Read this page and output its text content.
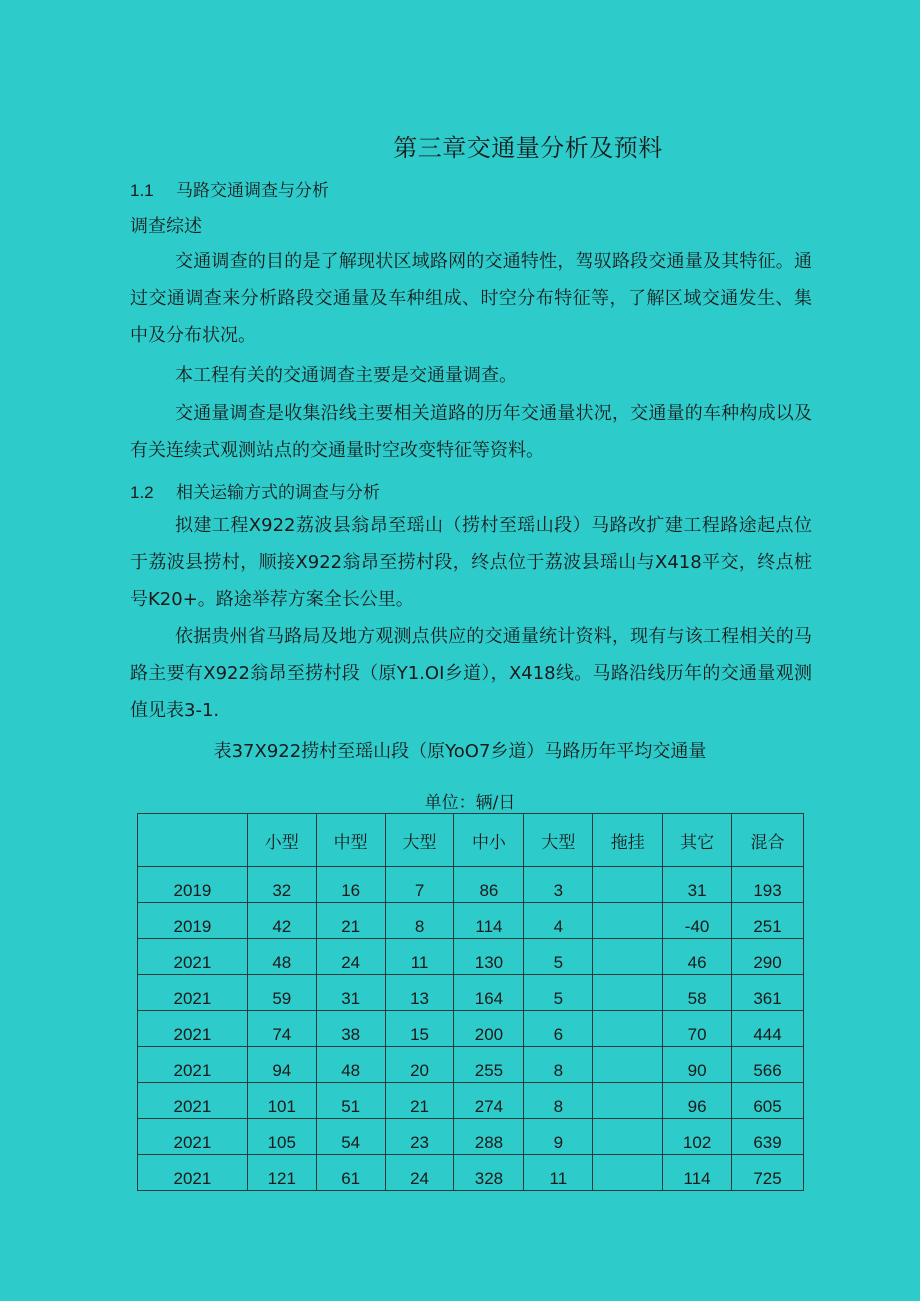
第三章交通量分析及预料
1.1 马路交通调查与分析
调查综述
交通调查的目的是了解现状区域路网的交通特性，驾驭路段交通量及其特征。通过交通调查来分析路段交通量及车种组成、时空分布特征等，了解区域交通发生、集中及分布状况。
本工程有关的交通调查主要是交通量调查。
交通量调查是收集沿线主要相关道路的历年交通量状况，交通量的车种构成以及有关连续式观测站点的交通量时空改变特征等资料。
1.2 相关运输方式的调查与分析
拟建工程X922荔波县翁昂至瑶山（捞村至瑶山段）马路改扩建工程路途起点位于荔波县捞村，顺接X922翁昂至捞村段，终点位于荔波县瑶山与X418平交，终点桩号K20+。路途举荐方案全长公里。
依据贵州省马路局及地方观测点供应的交通量统计资料，现有与该工程相关的马路主要有X922翁昂至捞村段（原Y1.OI乡道），X418线。马路沿线历年的交通量观测值见表3-1.
表37X922捞村至瑶山段（原YoO7乡道）马路历年平均交通量
单位：辆/日
	小型	中型	大型	中小	大型	拖挂	其它	混合
2019	32	16	7	86	3		31	193
2019	42	21	8	114	4		-40	251
2021	48	24	11	130	5		46	290
2021	59	31	13	164	5		58	361
2021	74	38	15	200	6		70	444
2021	94	48	20	255	8		90	566
2021	101	51	21	274	8		96	605
2021	105	54	23	288	9		102	639
2021	121	61	24	328	11		114	725
